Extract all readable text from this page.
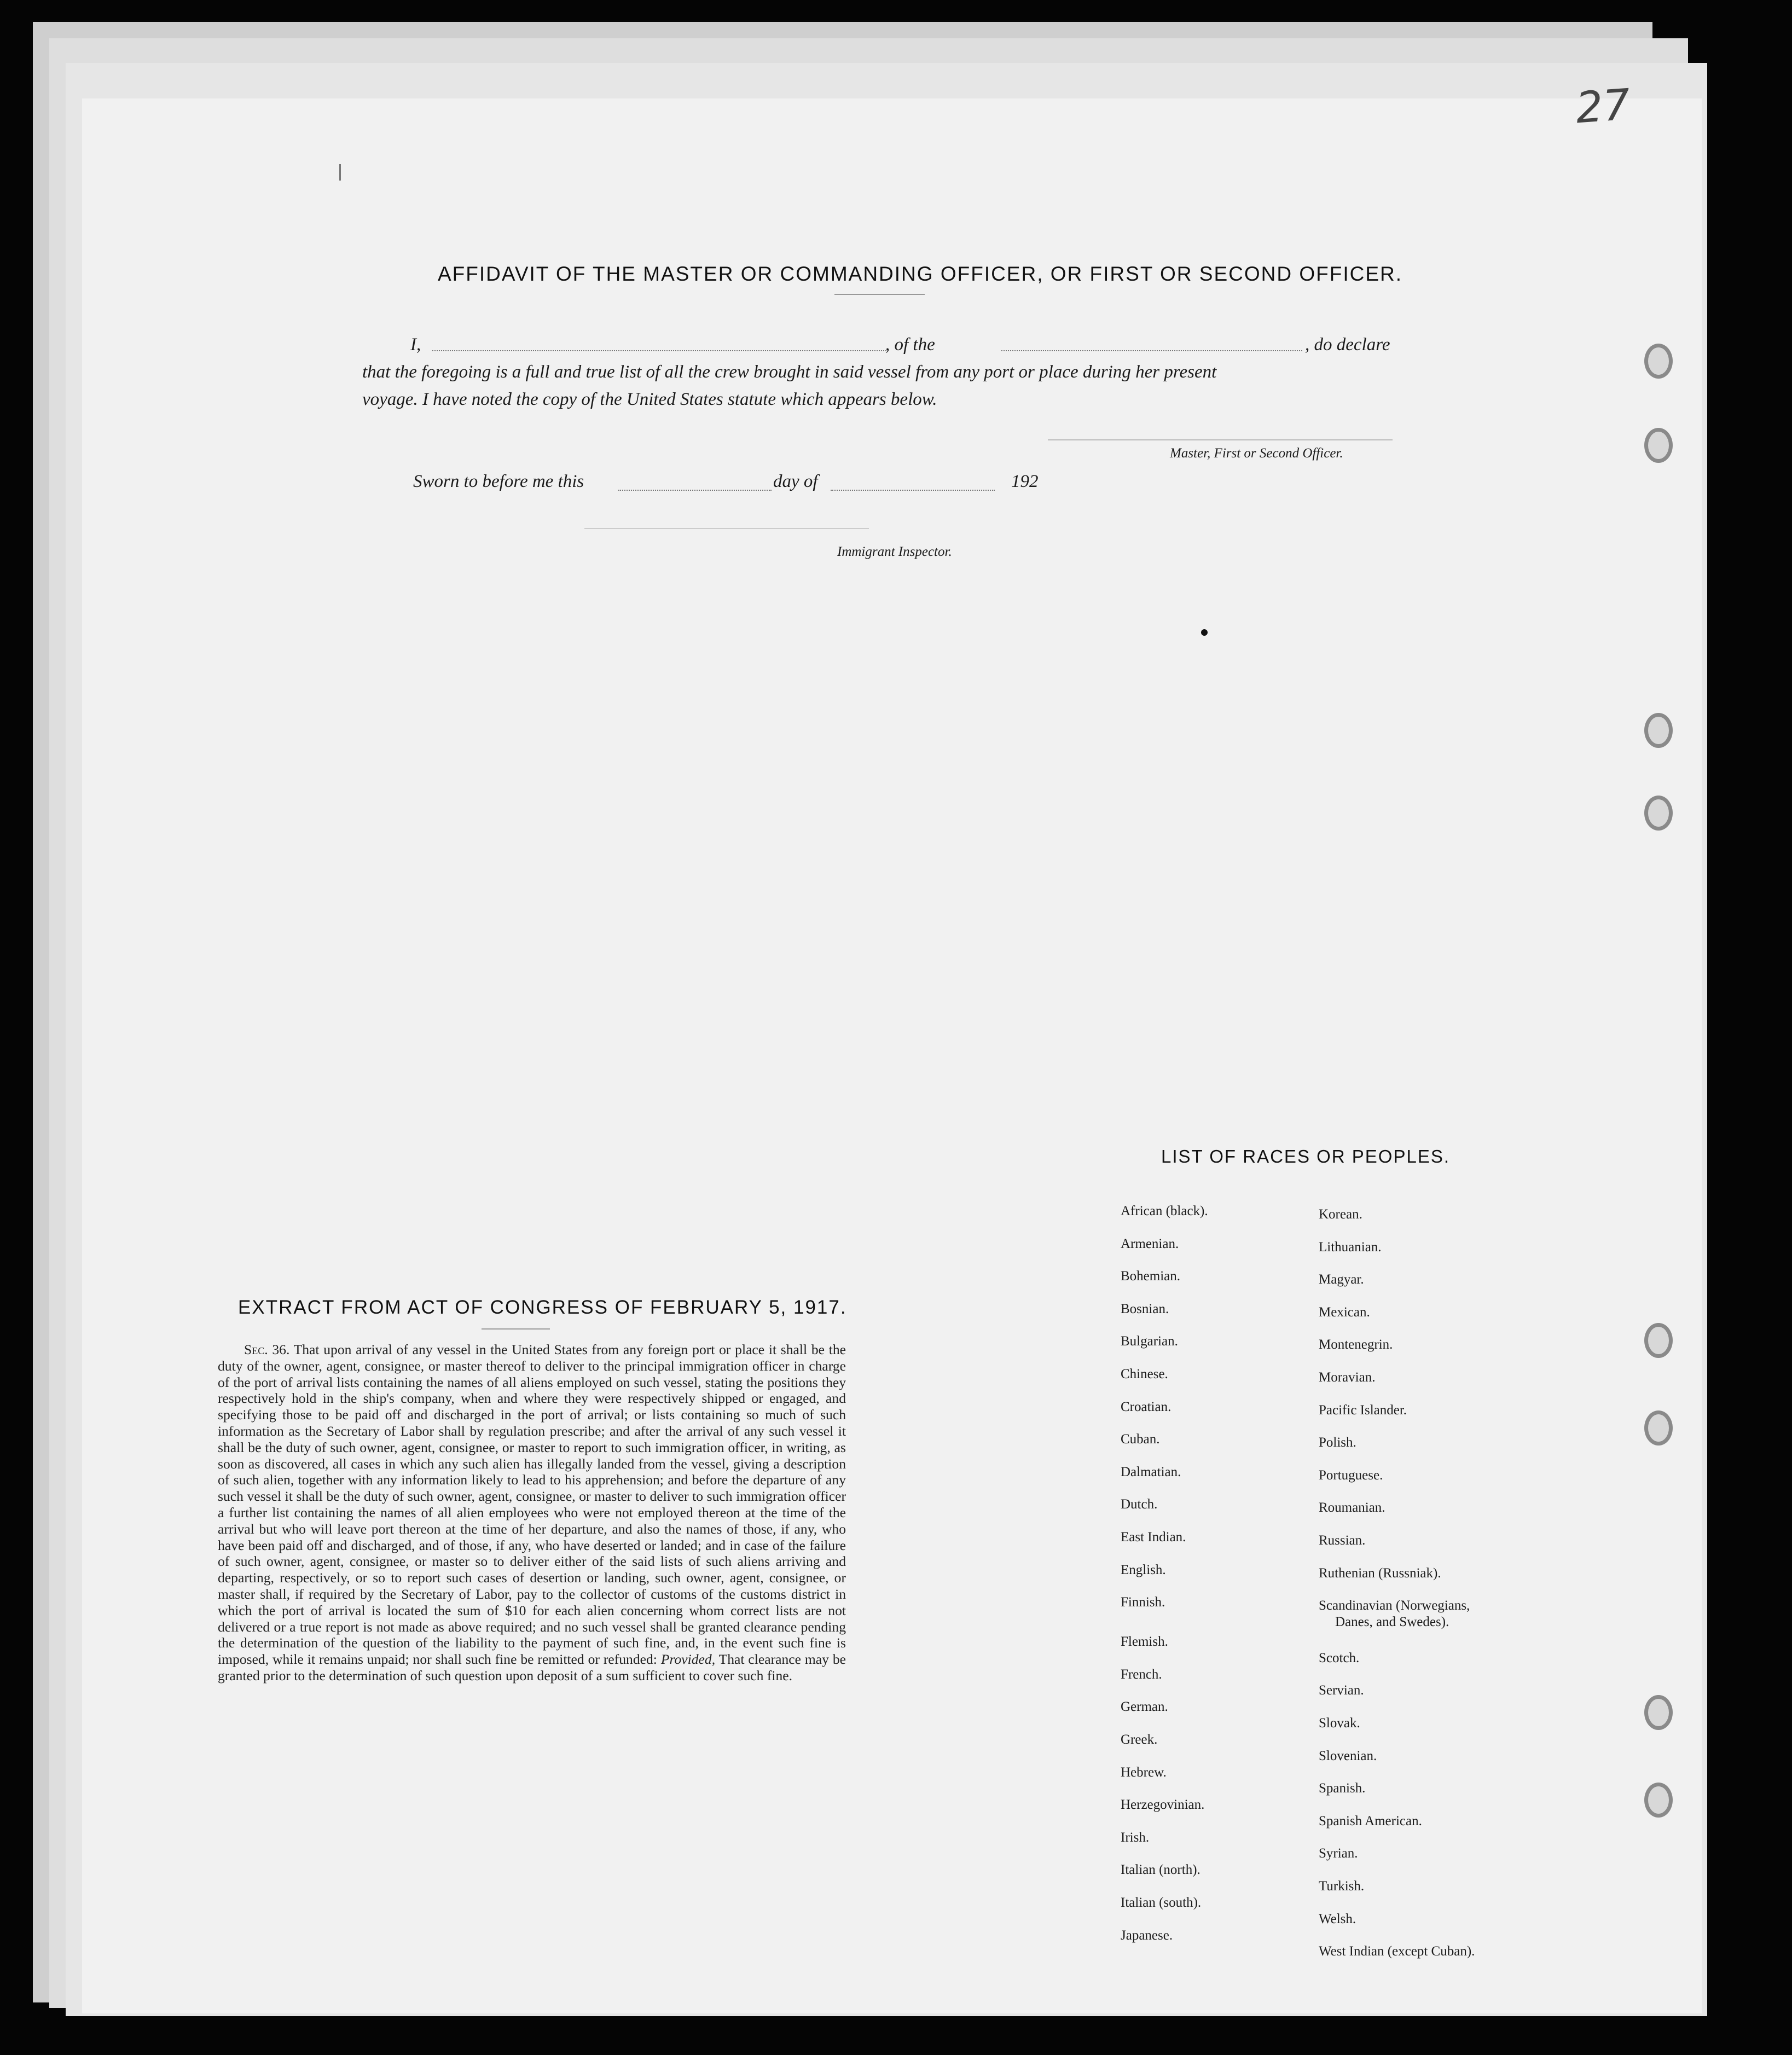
27
AFFIDAVIT OF THE MASTER OR COMMANDING OFFICER, OR FIRST OR SECOND OFFICER.
I,	, of the	, do declare
that the foregoing is a full and true list of all the crew brought in said vessel from any port or place during her present
voyage. I have noted the copy of the United States statute which appears below.
Master, First or Second Officer.
Sworn to before me this	day of	192
Immigrant Inspector.
EXTRACT FROM ACT OF CONGRESS OF FEBRUARY 5, 1917.

Sec. 36. That upon arrival of any vessel in the United States from any foreign port or place it shall be the duty of the owner, agent, consignee, or master thereof to deliver to the principal immigration officer in charge of the port of arrival lists containing the names of all aliens employed on such vessel, stating the positions they respectively hold in the ship's company, when and where they were respectively shipped or engaged, and specifying those to be paid off and discharged in the port of arrival; or lists containing so much of such information as the Secretary of Labor shall by regulation prescribe; and after the arrival of any such vessel it shall be the duty of such owner, agent, consignee, or master to report to such immigration officer, in writing, as soon as discovered, all cases in which any such alien has illegally landed from the vessel, giving a description of such alien, together with any information likely to lead to his apprehension; and before the departure of any such vessel it shall be the duty of such owner, agent, consignee, or master to deliver to such immigration officer a further list containing the names of all alien employees who were not employed thereon at the time of the arrival but who will leave port thereon at the time of her departure, and also the names of those, if any, who have been paid off and discharged, and of those, if any, who have deserted or landed; and in case of the failure of such owner, agent, consignee, or master so to deliver either of the said lists of such aliens arriving and departing, respectively, or so to report such cases of desertion or landing, such owner, agent, consignee, or master shall, if required by the Secretary of Labor, pay to the collector of customs of the customs district in which the port of arrival is located the sum of $10 for each alien concerning whom correct lists are not delivered or a true report is not made as above required; and no such vessel shall be granted clearance pending the determination of the question of the liability to the payment of such fine, and, in the event such fine is imposed, while it remains unpaid; nor shall such fine be remitted or refunded: Provided, That clearance may be granted prior to the determination of such question upon deposit of a sum sufficient to cover such fine.

LIST OF RACES OR PEOPLES.
African (black).
Armenian.
Bohemian.
Bosnian.
Bulgarian.
Chinese.
Croatian.
Cuban.
Dalmatian.
Dutch.
East Indian.
English.
Finnish.
Flemish.
French.
German.
Greek.
Hebrew.
Herzegovinian.
Irish.
Italian (north).
Italian (south).
Japanese.
Korean.
Lithuanian.
Magyar.
Mexican.
Montenegrin.
Moravian.
Pacific Islander.
Polish.
Portuguese.
Roumanian.
Russian.
Ruthenian (Russniak).
Scandinavian (Norwegians,
Danes, and Swedes).
Scotch.
Servian.
Slovak.
Slovenian.
Spanish.
Spanish American.
Syrian.
Turkish.
Welsh.
West Indian (except Cuban).
